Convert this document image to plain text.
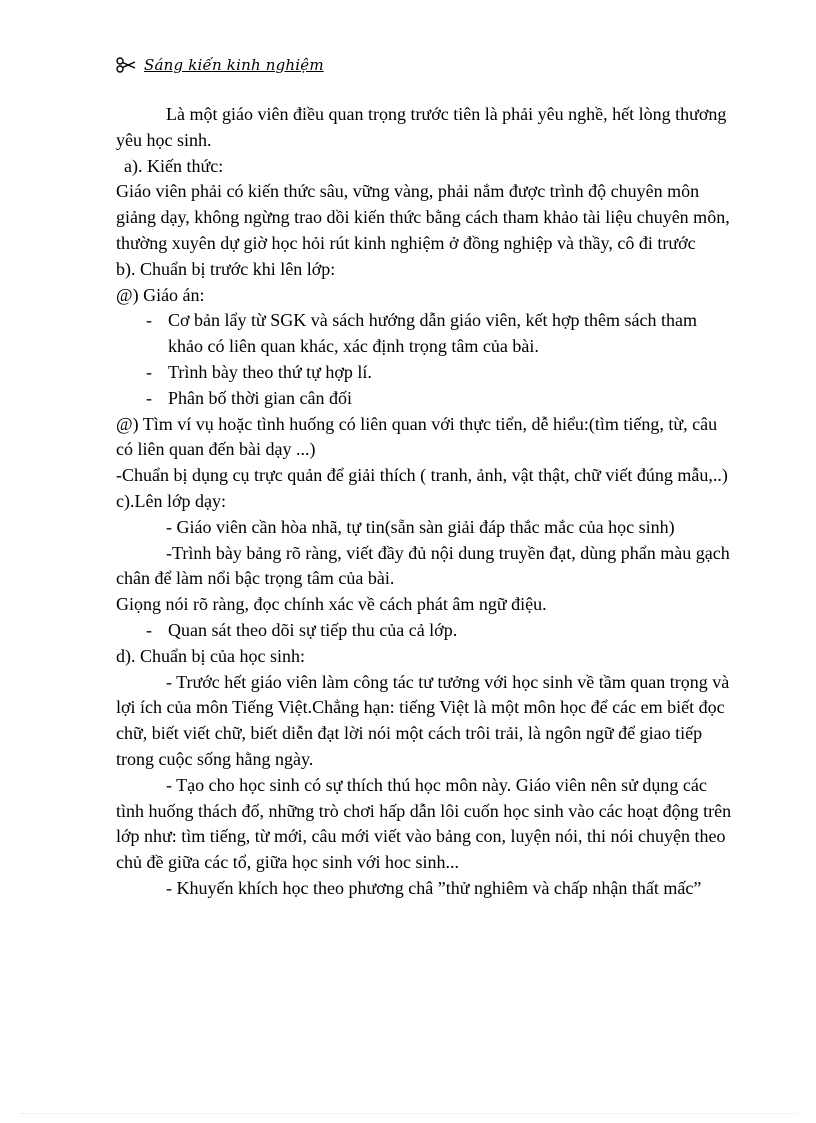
Sáng kiến kinh nghiệm

Là một giáo viên điều quan trọng trước tiên là phải yêu nghề, hết lòng thương yêu học sinh.

a). Kiến thức:

Giáo viên phải có kiến thức sâu, vững vàng, phải nắm được trình độ chuyên môn giảng dạy, không ngừng trao dồi kiến thức bằng cách tham khảo tài liệu chuyên môn, thường xuyên dự giờ học hỏi rút kinh nghiệm ở đồng nghiệp và thầy, cô đi trước

b). Chuẩn bị trước khi lên lớp:

@) Giáo án:

- Cơ bản lẩy từ SGK và sách hướng dẫn giáo viên, kết hợp thêm sách tham khảo có liên quan khác, xác định trọng tâm của bài.
- Trình bày theo thứ tự hợp lí.
- Phân bố thời gian cân đối

@) Tìm ví vụ hoặc tình huống có liên quan với thực tiển, dễ hiểu:(tìm tiếng, từ, câu có liên quan đến bài dạy ...)

-Chuẩn bị dụng cụ trực quản để giải thích ( tranh, ảnh, vật thật, chữ viết đúng mẫu,..)

c).Lên lớp dạy:

- Giáo viên cần hòa nhã, tự tin(sẵn sàn giải đáp thắc mắc của học sinh)

-Trình bày bảng rõ ràng, viết đầy đủ nội dung truyền đạt, dùng phẩn màu gạch chân để làm nổi bậc trọng tâm của bài.

Giọng nói rõ ràng, đọc chính xác về cách phát âm ngữ điệu.

- Quan sát theo dõi sự tiếp thu của cả lớp.

d). Chuẩn bị của học sinh:

- Trước hết giáo viên làm công tác tư tưởng với học sinh về tầm quan trọng và lợi ích của môn Tiếng Việt.Chẳng hạn: tiếng Việt là một môn học để các em biết đọc chữ, biết viết chữ, biết diễn đạt lời nói một cách trôi trải, là ngôn ngữ để giao tiếp trong cuộc sống hằng ngày.

- Tạo cho học sinh có sự thích thú học môn này. Giáo viên nên sử dụng các tình huống thách đố, những trò chơi hấp dẫn lôi cuốn học sinh vào các hoạt động trên lớp như: tìm tiếng, từ mới, câu mới viết vào bảng con, luyện nói, thi nói chuyện theo chủ đề giữa các tổ, giữa học sinh với hoc sinh...

- Khuyến khích học theo phương châ ”thử nghiêm và chấp nhận thất mấc”
